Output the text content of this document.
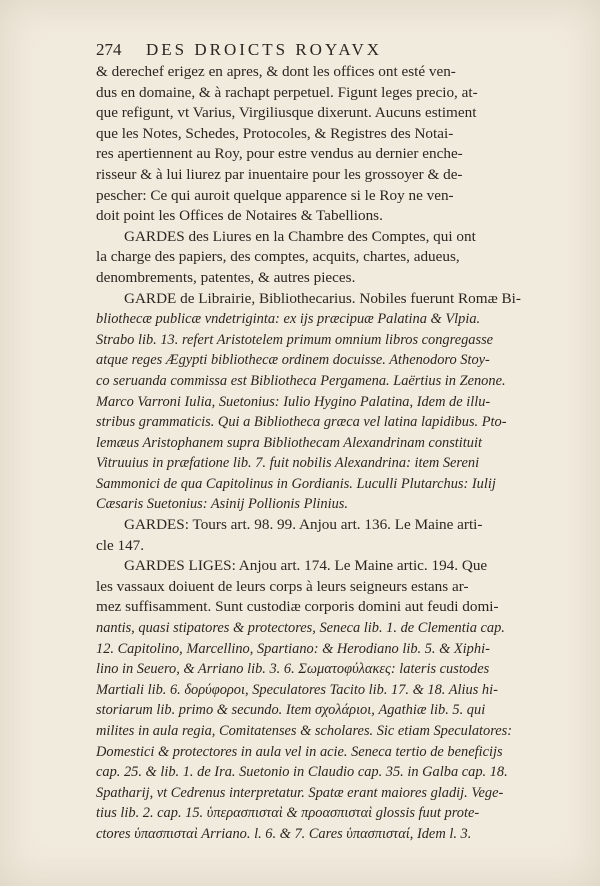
274	DES DROICTS ROYAVX
& derechef erigez en apres, & dont les offices ont esté ven-
dus en domaine, & à rachapt perpetuel. Figunt leges precio, at-
que refigunt, vt Varius, Virgiliusque dixerunt. Aucuns estiment
que les Notes, Schedes, Protocoles, & Registres des Notai-
res apertiennent au Roy, pour estre vendus au dernier enche-
risseur & à lui liurez par inuentaire pour les grossoyer & de-
pescher: Ce qui auroit quelque apparence si le Roy ne ven-
doit point les Offices de Notaires & Tabellions.
GARDES des Liures en la Chambre des Comptes, qui ont
la charge des papiers, des comptes, acquits, chartes, adueus,
denombrements, patentes, & autres pieces.
GARDE de Librairie, Bibliothecarius. Nobiles fuerunt Romæ Bi-
bliothecæ publicæ vndetriginta: ex ijs præcipuæ Palatina & Vlpia.
Strabo lib. 13. refert Aristotelem primum omnium libros congregasse
atque reges Ægypti bibliothecæ ordinem docuisse. Athenodoro Stoy-
co seruanda commissa est Bibliotheca Pergamena. Laërtius in Zenone.
Marco Varroni Iulia, Suetonius: Iulio Hygino Palatina, Idem de illu-
stribus grammaticis. Qui a Bibliotheca græca vel latina lapidibus. Pto-
lemæus Aristophanem supra Bibliothecam Alexandrinam constituit
Vitruuius in præfatione lib. 7. fuit nobilis Alexandrina: item Sereni
Sammonici de qua Capitolinus in Gordianis. Luculli Plutarchus: Iulij
Cæsaris Suetonius: Asinij Pollionis Plinius.
GARDES: Tours art. 98. 99. Anjou art. 136. Le Maine arti-
cle 147.
GARDES LIGES: Anjou art. 174. Le Maine artic. 194. Que
les vassaux doiuent de leurs corps à leurs seigneurs estans ar-
mez suffisamment. Sunt custodiæ corporis domini aut feudi domi-
nantis, quasi stipatores & protectores, Seneca lib. 1. de Clementia cap.
12. Capitolino, Marcellino, Spartiano: & Herodiano lib. 5. & Xiphi-
lino in Seuero, & Arriano lib. 3. 6. Σωματοφύλακες: lateris custodes
Martiali lib. 6. δορύφοροι, Speculatores Tacito lib. 17. & 18. Alius hi-
storiarum lib. primo & secundo. Item σχολάριοι, Agathiæ lib. 5. qui
milites in aula regia, Comitatenses & scholares. Sic etiam Speculatores:
Domestici & protectores in aula vel in acie. Seneca tertio de beneficijs
cap. 25. & lib. 1. de Ira. Suetonio in Claudio cap. 35. in Galba cap. 18.
Spatharij, vt Cedrenus interpretatur. Spatæ erant maiores gladij. Vege-
tius lib. 2. cap. 15. ὑπερασπισταὶ & προασπισταὶ glossis fuut prote-
ctores ὑπασπισταὶ Arriano. l. 6. & 7. Cares ὑπασπισταί, Idem l. 3.
